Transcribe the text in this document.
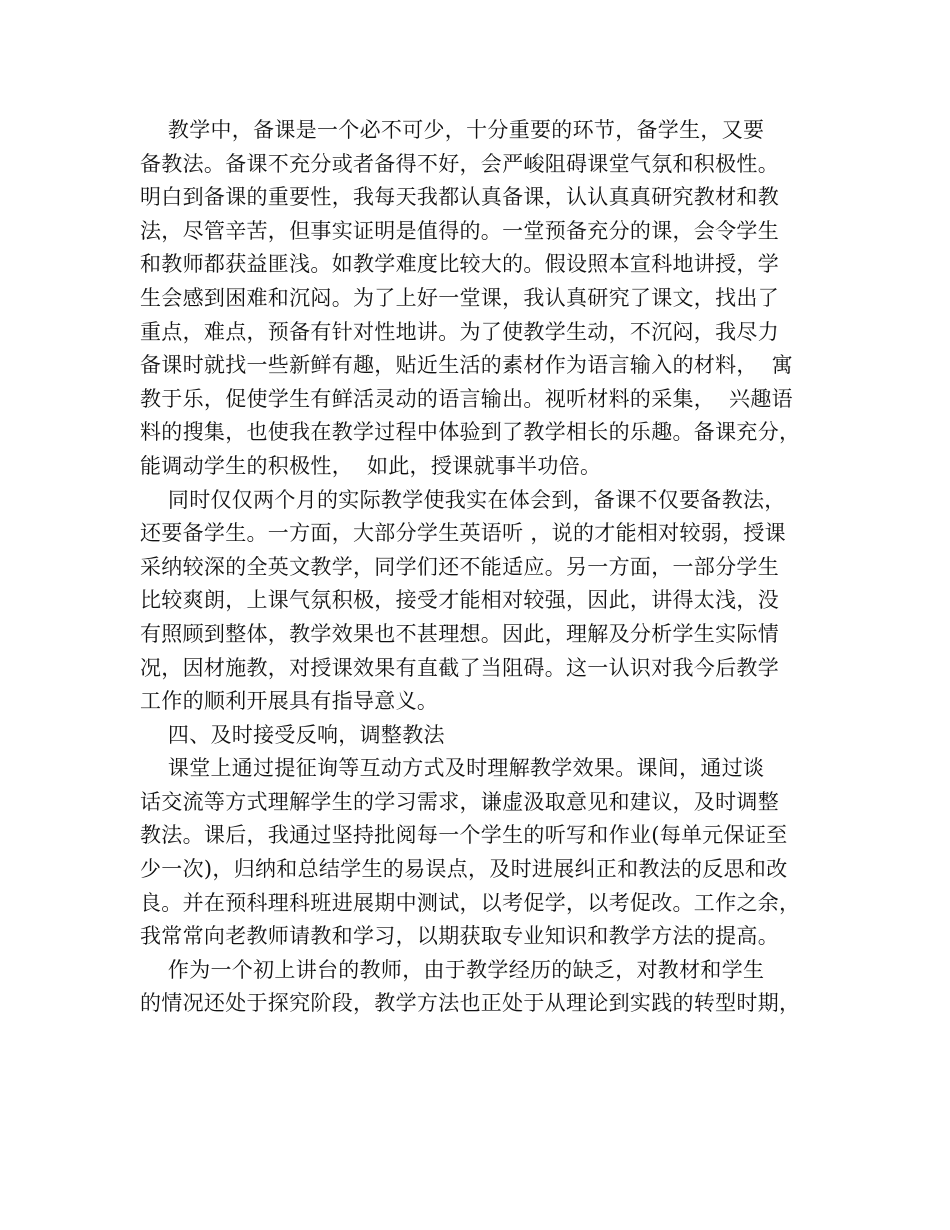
教学中，备课是一个必不可少，十分重要的环节，备学生，又要
备教法。备课不充分或者备得不好，会严峻阻碍课堂气氛和积极性。
明白到备课的重要性，我每天我都认真备课，认认真真研究教材和教
法，尽管辛苦，但事实证明是值得的。一堂预备充分的课，会令学生
和教师都获益匪浅。如教学难度比较大的。假设照本宣科地讲授，学
生会感到困难和沉闷。为了上好一堂课，我认真研究了课文，找出了
重点，难点，预备有针对性地讲。为了使教学生动，不沉闷，我尽力
备课时就找一些新鲜有趣，贴近生活的素材作为语言输入的材料，  寓
教于乐，促使学生有鲜活灵动的语言输出。视听材料的采集，  兴趣语
料的搜集，也使我在教学过程中体验到了教学相长的乐趣。备课充分，
能调动学生的积极性，  如此，授课就事半功倍。
同时仅仅两个月的实际教学使我实在体会到，备课不仅要备教法，
还要备学生。一方面，大部分学生英语听 ，说的才能相对较弱，授课
采纳较深的全英文教学，同学们还不能适应。另一方面，一部分学生
比较爽朗，上课气氛积极，接受才能相对较强，因此，讲得太浅，没
有照顾到整体，教学效果也不甚理想。因此，理解及分析学生实际情
况，因材施教，对授课效果有直截了当阻碍。这一认识对我今后教学
工作的顺利开展具有指导意义。
四、及时接受反响，调整教法
课堂上通过提征询等互动方式及时理解教学效果。课间，通过谈
话交流等方式理解学生的学习需求，谦虚汲取意见和建议，及时调整
教法。课后，我通过坚持批阅每一个学生的听写和作业(每单元保证至
少一次)，归纳和总结学生的易误点，及时进展纠正和教法的反思和改
良。并在预科理科班进展期中测试，以考促学，以考促改。工作之余，
我常常向老教师请教和学习，以期获取专业知识和教学方法的提高。
作为一个初上讲台的教师，由于教学经历的缺乏，对教材和学生
的情况还处于探究阶段，教学方法也正处于从理论到实践的转型时期，
